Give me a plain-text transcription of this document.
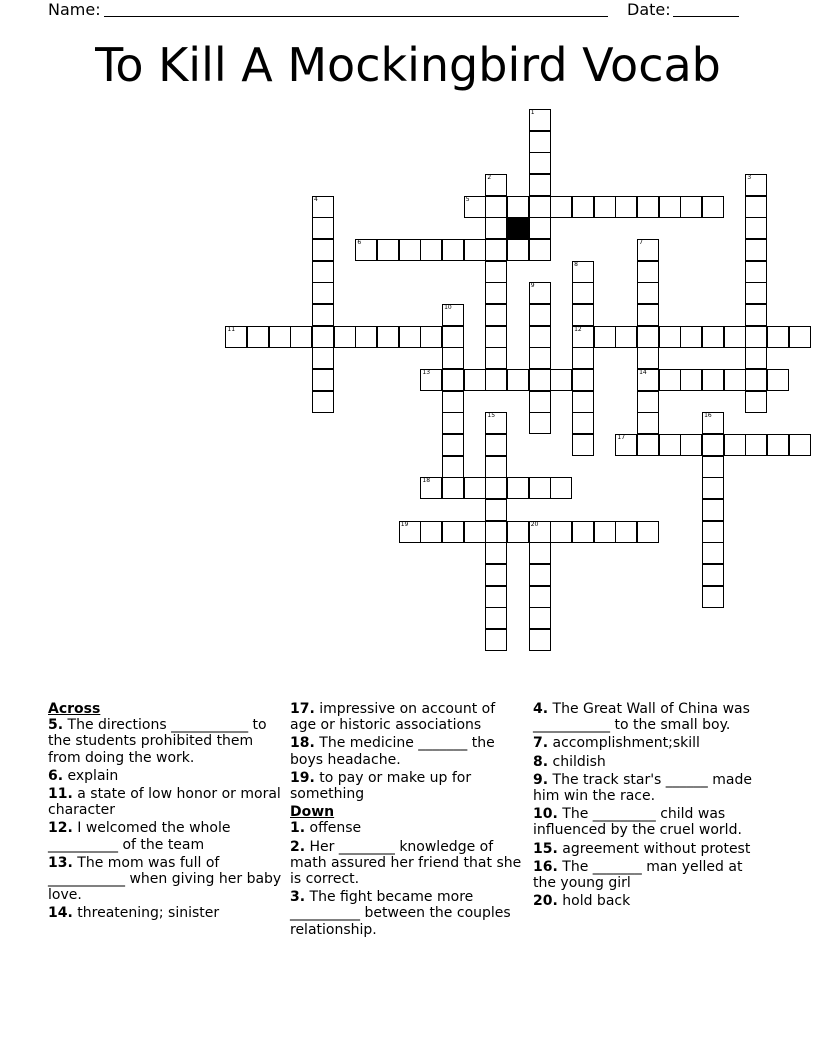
Name:	Date:
To Kill A Mockingbird Vocab
1
2	3
4	5
6	7
14
8
12
9
10
11
13
15	16
17
18
19	20
Across
5. The directions ___________ to the students prohibited them from doing the work.
6. explain
11. a state of low honor or moral character
12. I welcomed the whole __________ of the team
13. The mom was full of ___________ when giving her baby love.
14. threatening; sinister
17. impressive on account of age or historic associations
18. The medicine _______ the boys headache.
19. to pay or make up for something
Down
1. offense
2. Her ________ knowledge of math assured her friend that she is correct.
3. The fight became more __________ between the couples relationship.
4. The Great Wall of China was ___________ to the small boy.
7. accomplishment;skill
8. childish
9. The track star's ______ made him win the race.
10. The _________ child was influenced by the cruel world.
15. agreement without protest
16. The _______ man yelled at the young girl
20. hold back
